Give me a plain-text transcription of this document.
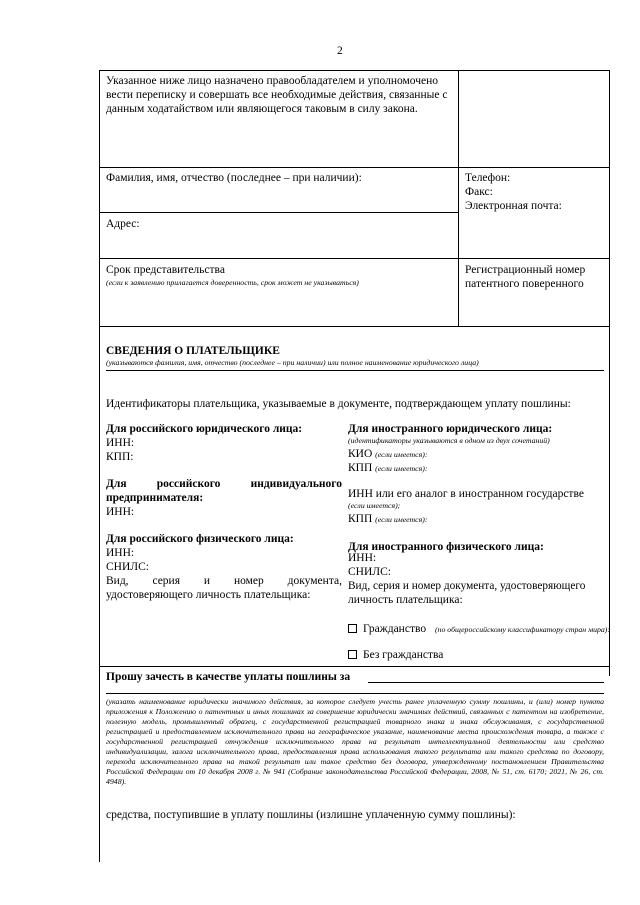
2
Указанное ниже лицо назначено правообладателем и уполномочено вести переписку и совершать все необходимые действия, связанные с данным ходатайством или являющегося таковым в силу закона.
Фамилия, имя, отчество (последнее – при наличии):	Телефон:
Факс:
Электронная почта:
Адрес:
Срок представительства
(если к заявлению прилагается доверенность, срок может не указываться)
Регистрационный номер патентного поверенного
СВЕДЕНИЯ О ПЛАТЕЛЬЩИКЕ
(указываются фамилия, имя, отчество (последнее – при наличии) или полное наименование юридического лица)
Идентификаторы плательщика, указываемые в документе, подтверждающем уплату пошлины:
Для российского юридического лица:
ИНН:
КПП:
Для	российского	индивидуального
предпринимателя:
ИНН:
Для российского физического лица:
ИНН:
СНИЛС:
Вид, серия и номер документа,
удостоверяющего личность плательщика:
Для иностранного юридического лица:
(идентификаторы указываются в одном из двух сочетаний)
КИО (если имеется):
КПП (если имеется):
ИНН или его аналог в иностранном государстве
(если имеется);
КПП (если имеется):
Для иностранного физического лица:
ИНН:
СНИЛС:
Вид, серия и номер документа, удостоверяющего
личность плательщика:
Гражданство (по общероссийскому классификатору стран мира):
Без гражданства
Прошу зачесть в качестве уплаты пошлины за
(указать наименование юридически значимого действия, за которое следует учесть ранее уплаченную сумму пошлины, и (или) номер пункта приложения к Положению о патентных и иных пошлинах за совершение юридически значимых действий, связанных с патентом на изобретение, полезную модель, промышленный образец, с государственной регистрацией товарного знака и знака обслуживания, с государственной регистрацией и предоставлением исключительного права на географическое указание, наименование места происхождения товара, а также с государственной регистрацией отчуждения исключительного права на результат интеллектуальной деятельности или средство индивидуализации, залога исключительного права, предоставления права использования такого результата или такого средства по договору, перехода исключительного права на такой результат или такое средство без договора, утвержденному постановлением Правительства Российской Федерации от 10 декабря 2008 г. № 941 (Собрание законодательства Российской Федерации, 2008, № 51, ст. 6170; 2021, № 26, ст. 4948).
средства, поступившие в уплату пошлины (излишне уплаченную сумму пошлины):
